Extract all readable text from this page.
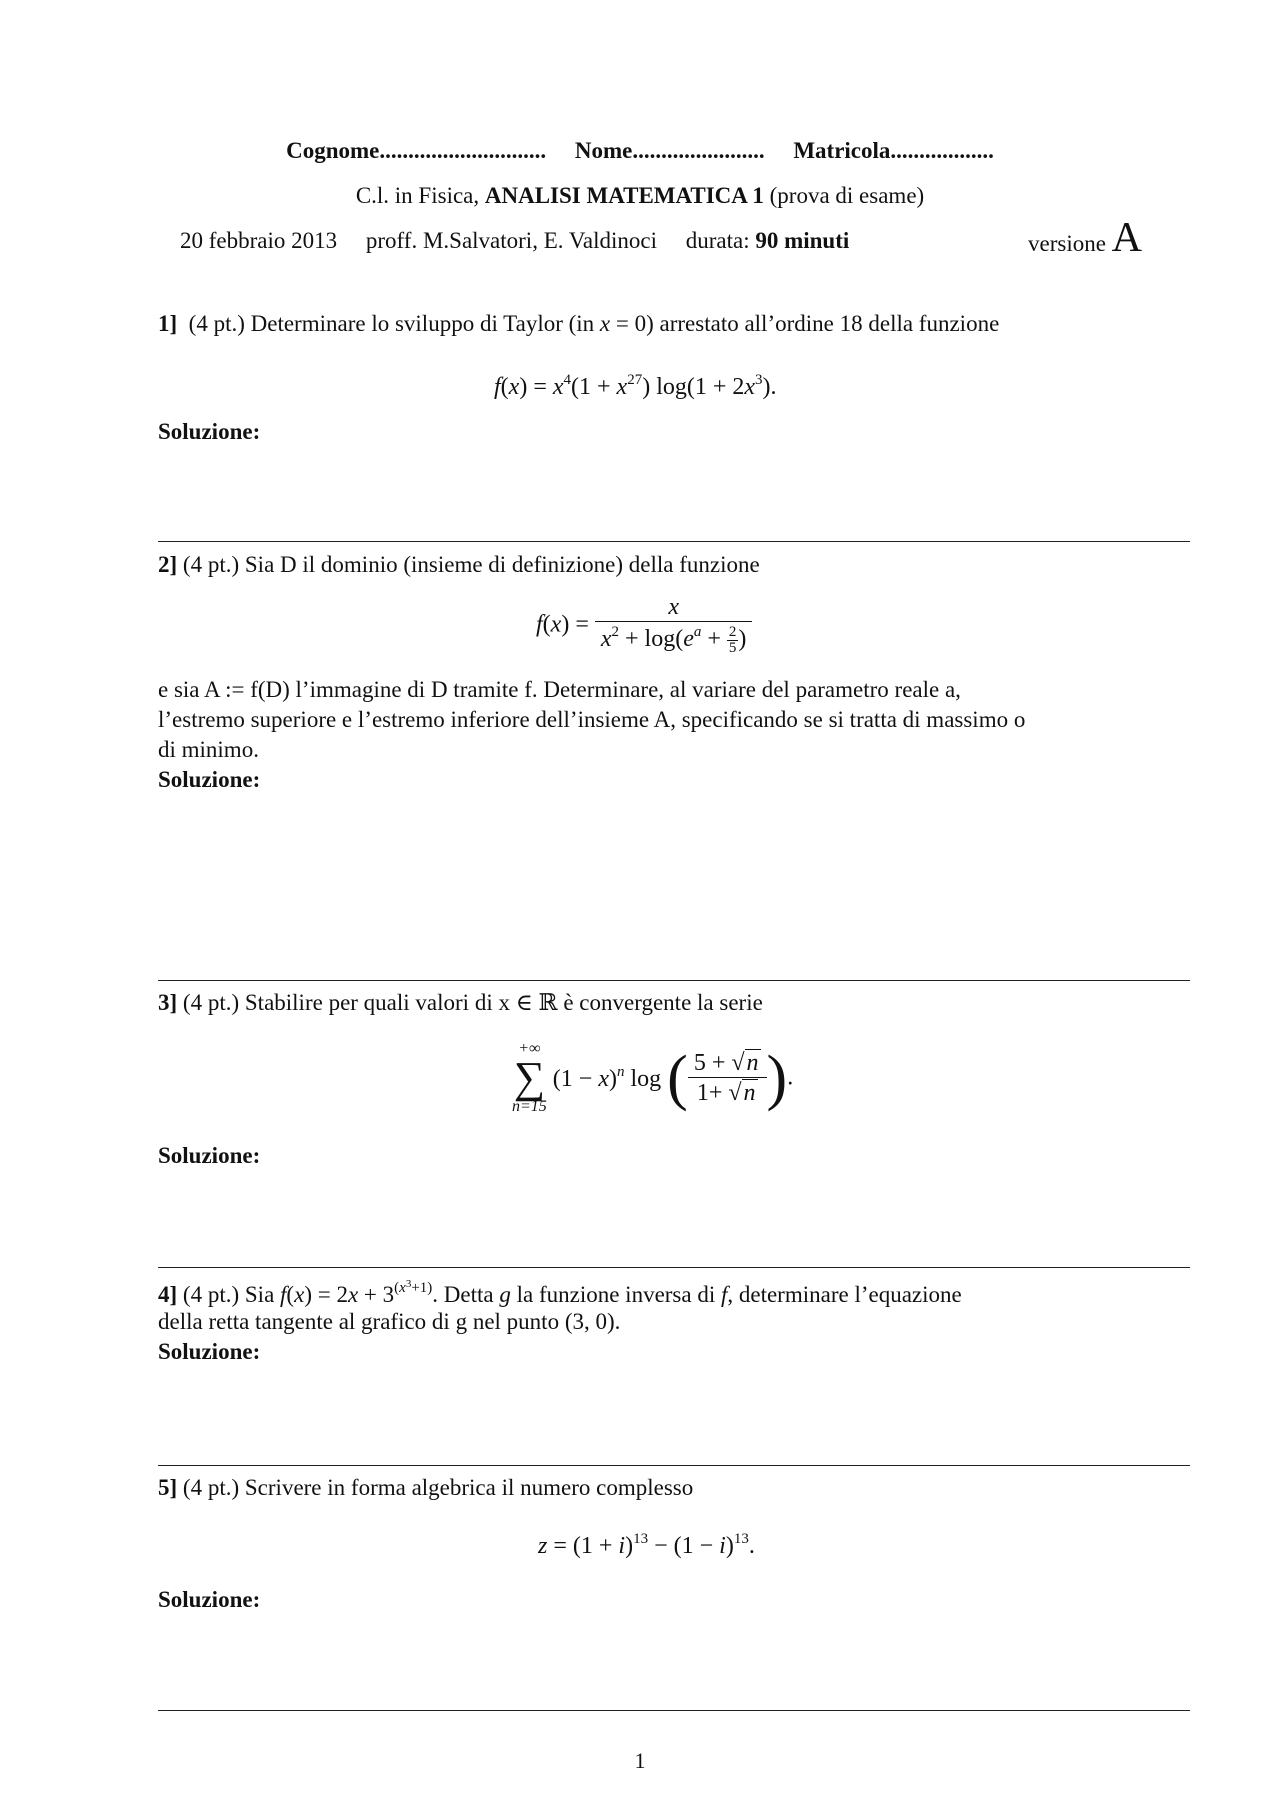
Cognome............................. Nome....................... Matricola..................
C.l. in Fisica, ANALISI MATEMATICA 1 (prova di esame)
20 febbraio 2013 proff. M.Salvatori, E. Valdinoci durata: 90 minuti	versione A
1] (4 pt.) Determinare lo sviluppo di Taylor (in x = 0) arrestato all’ordine 18 della funzione
$f(x) = x^4(1 + x^{27}) \log(1 + 2x^3)$.
Soluzione:
2] (4 pt.) Sia D il dominio (insieme di definizione) della funzione
$f(x) = \frac{x}{x^2 + \log(e^a + \frac{2}{5} )}$
e sia A := f(D) l’immagine di D tramite f. Determinare, al variare del parametro reale a,
l’estremo superiore e l’estremo inferiore dell’insieme A, specificando se si tratta di massimo o
di minimo.
Soluzione:
3] (4 pt.) Stabilire per quali valori di x ∈ ℝ è convergente la serie
+∞
∑
n=15
$(1 - x)^n$ log ( $\frac{5 + √n}{1+ √n}$ ).
Soluzione:
4] (4 pt.) Sia $f(x) = 2x + 3^{(x^3+1)}$. Detta g la funzione inversa di f, determinare l’equazione
della retta tangente al grafico di g nel punto (3, 0).
Soluzione:
5] (4 pt.) Scrivere in forma algebrica il numero complesso
$z = (1 + i)^{13} - (1 - i)^{13}$.
Soluzione:
1
